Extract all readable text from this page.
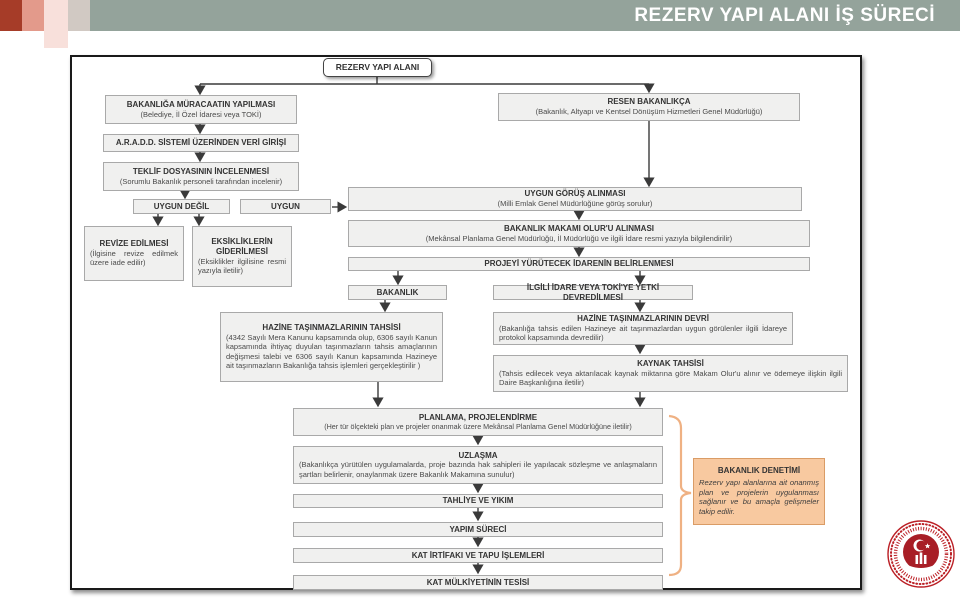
REZERV YAPI ALANI İŞ SÜRECİ
REZERV YAPI ALANI
BAKANLIĞA MÜRACAATIN YAPILMASI
(Belediye, İl Özel İdaresi veya TOKİ)
RESEN BAKANLIKÇA
(Bakanlık, Altyapı ve Kentsel Dönüşüm Hizmetleri Genel Müdürlüğü)
A.R.A.D.D. SİSTEMİ ÜZERİNDEN VERİ GİRİŞİ
TEKLİF DOSYASININ İNCELENMESİ
(Sorumlu Bakanlık personeli tarafından incelenir)
UYGUN DEĞİL	UYGUN
REVİZE EDİLMESİ
(İlgisine revize edilmek üzere iade edilir)
EKSİKLİKLERİN GİDERİLMESİ
(Eksiklikler ilgilisine resmi yazıyla iletilir)
UYGUN GÖRÜŞ ALINMASI
(Milli Emlak Genel Müdürlüğüne görüş sorulur)
BAKANLIK MAKAMI OLUR'U ALINMASI
(Mekânsal Planlama Genel Müdürlüğü, İl Müdürlüğü ve ilgili İdare resmi yazıyla bilgilendirilir)
PROJEYİ YÜRÜTECEK İDARENİN BELİRLENMESİ
BAKANLIK
İLGİLİ İDARE VEYA TOKİ'YE YETKİ DEVREDİLMESİ
HAZİNE TAŞINMAZLARININ TAHSİSİ
(4342 Sayılı Mera Kanunu kapsamında olup, 6306 sayılı Kanun kapsamında ihtiyaç duyulan taşınmazların tahsis amaçlarının değişmesi talebi ve 6306 sayılı Kanun kapsamında Hazineye ait taşınmazların Bakanlığa tahsis işlemleri gerçekleştirilir )
HAZİNE TAŞINMAZLARININ DEVRİ
(Bakanlığa tahsis edilen Hazineye ait taşınmazlardan uygun görülenler ilgili İdareye protokol kapsamında devredilir)
KAYNAK TAHSİSİ
(Tahsis edilecek veya aktarılacak kaynak miktarına göre Makam Olur'u alınır ve ödemeye ilişkin ilgili Daire Başkanlığına iletilir)
PLANLAMA, PROJELENDİRME
(Her tür ölçekteki plan ve projeler onanmak üzere Mekânsal Planlama Genel Müdürlüğüne iletilir)
UZLAŞMA
(Bakanlıkça yürütülen uygulamalarda, proje bazında hak sahipleri ile yapılacak sözleşme ve anlaşmaların şartları belirlenir, onaylanmak üzere Bakanlık Makamına sunulur)
TAHLİYE VE YIKIM
YAPIM SÜRECİ
KAT İRTİFAKI VE TAPU İŞLEMLERİ
KAT MÜLKİYETİNİN TESİSİ
BAKANLIK DENETİMİ
Rezerv yapı alanlarına ait onanmış plan ve projelerin uygulanması sağlanır ve bu amaçla gelişmeler takip edilir.
